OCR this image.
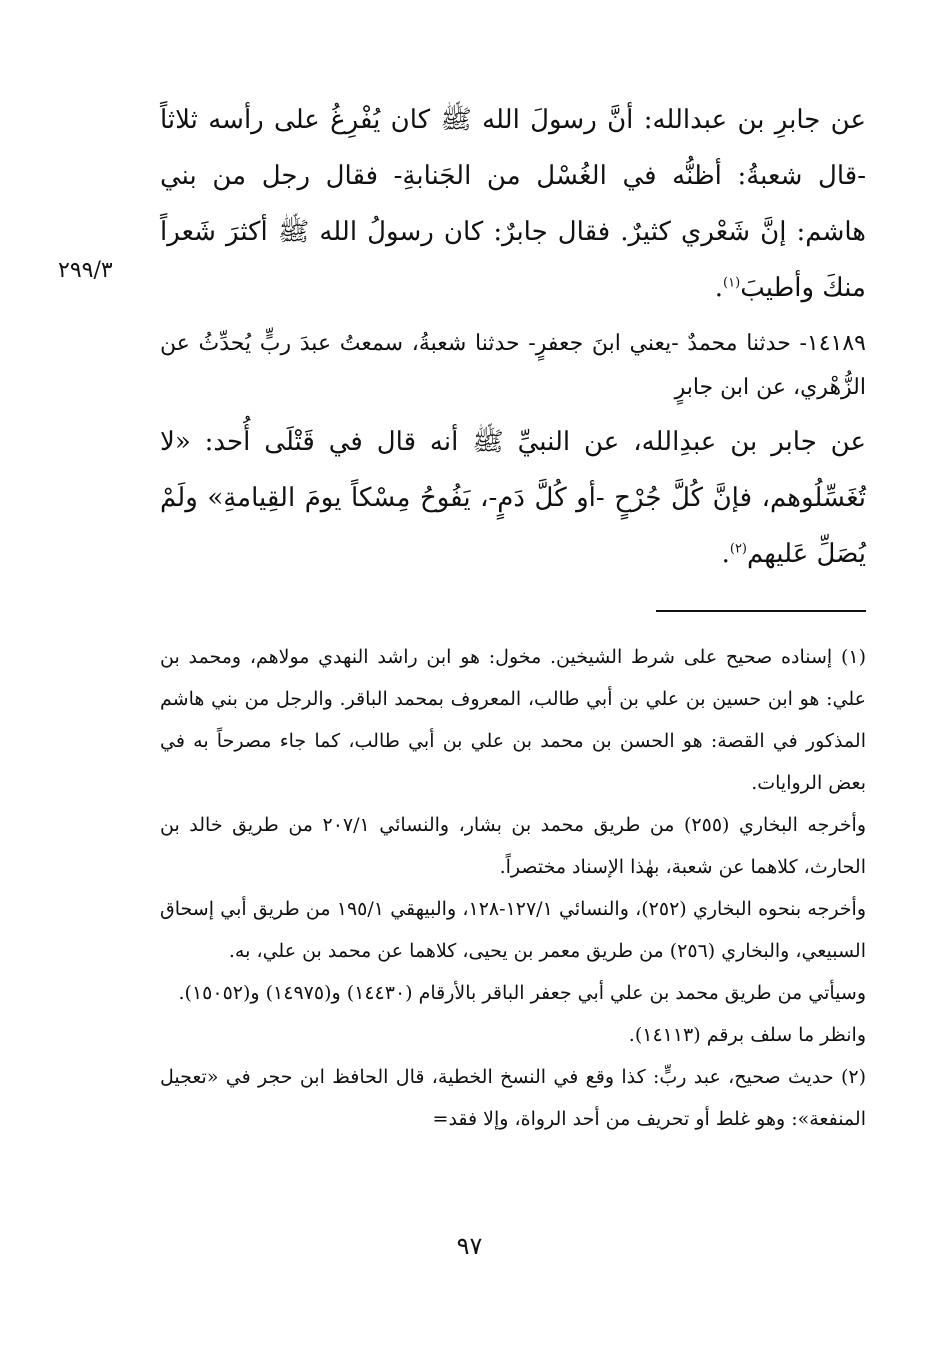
٢٩٩/٣

عن جابرِ بن عبدالله: أنَّ رسولَ الله ﷺ كان يُفْرِغُ على رأسه ثلاثاً -قال شعبةُ: أظنُّه في الغُسْل من الجَنابةِ- فقال رجل من بني هاشم: إنَّ شَعْري كثيرٌ. فقال جابرٌ: كان رسولُ الله ﷺ أكثرَ شَعراً منكَ وأطيبَ$^{(١)}$.

١٤١٨٩- حدثنا محمدٌ -يعني ابنَ جعفرٍ- حدثنا شعبةُ، سمعتُ عبدَ ربٍّ يُحدِّثُ عن الزُّهْري، عن ابن جابرٍ

عن جابر بن عبدِالله، عن النبيِّ ﷺ أنه قال في قَتْلَى أُحد: «لا تُغَسِّلُوهم، فإنَّ كُلَّ جُرْحٍ -أو كُلَّ دَمٍ-، يَفُوحُ مِسْكاً يومَ القِيامةِ» ولَمْ يُصَلِّ عَليهم$^{(٢)}$.

(١) إسناده صحيح على شرط الشيخين. مخول: هو ابن راشد النهدي مولاهم، ومحمد بن علي: هو ابن حسين بن علي بن أبي طالب، المعروف بمحمد الباقر. والرجل من بني هاشم المذكور في القصة: هو الحسن بن محمد بن علي بن أبي طالب، كما جاء مصرحاً به في بعض الروايات.

وأخرجه البخاري (٢٥٥) من طريق محمد بن بشار، والنسائي ٢٠٧/١ من طريق خالد بن الحارث، كلاهما عن شعبة، بهٰذا الإسناد مختصراً.

وأخرجه بنحوه البخاري (٢٥٢)، والنسائي ١٢٧/١-١٢٨، والبيهقي ١٩٥/١ من طريق أبي إسحاق السبيعي، والبخاري (٢٥٦) من طريق معمر بن يحيى، كلاهما عن محمد بن علي، به.

وسيأتي من طريق محمد بن علي أبي جعفر الباقر بالأرقام (١٤٤٣٠) و(١٤٩٧٥) و(١٥٠٥٢).

وانظر ما سلف برقم (١٤١١٣).

(٢) حديث صحيح، عبد ربٍّ: كذا وقع في النسخ الخطية، قال الحافظ ابن حجر في «تعجيل المنفعة»: وهو غلط أو تحريف من أحد الرواة، وإلا فقد=

٩٧
